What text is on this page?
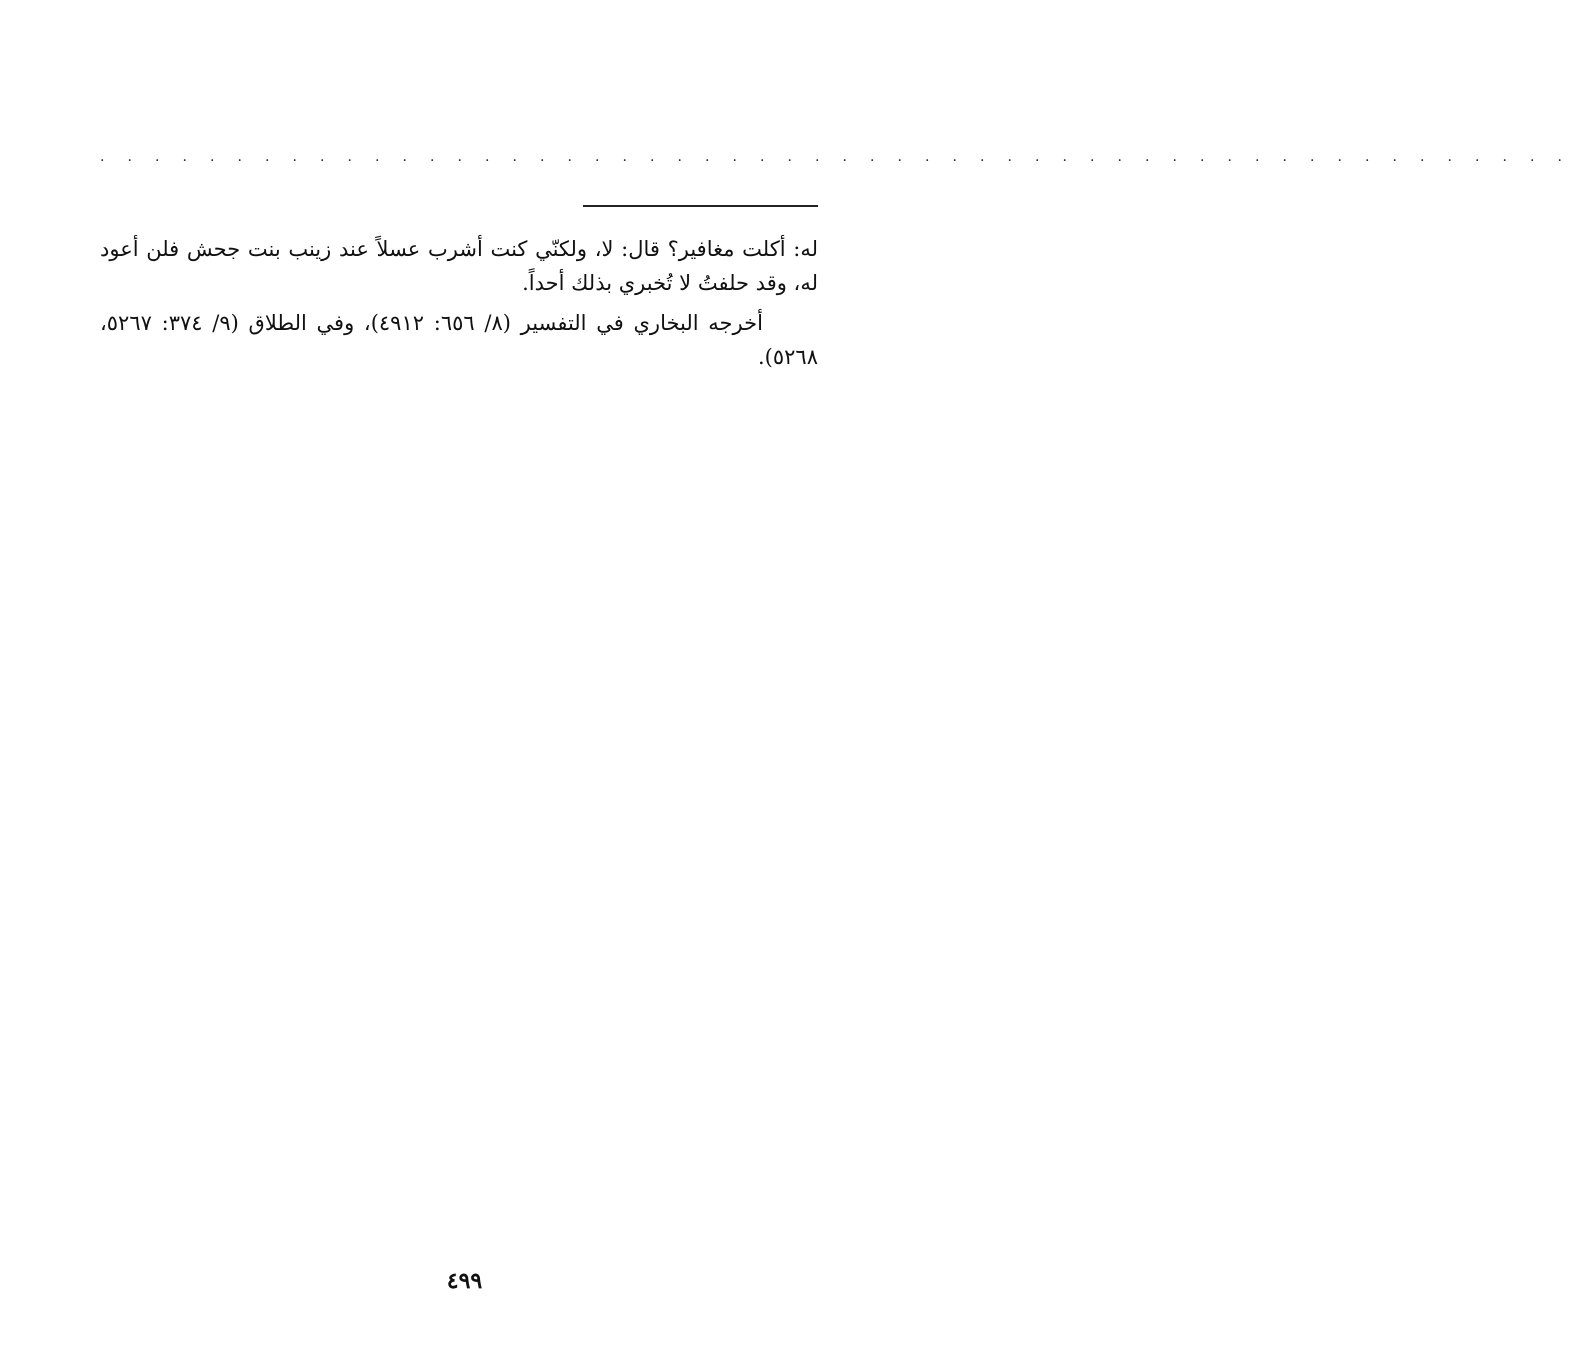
. . . . . . . . . . . . . . . . . . . . . . . . . . . . . . . . . . . . . . . . . . . . . . . . . . . . . .

له: أكلت مغافير؟ قال: لا، ولكنّي كنت أشرب عسلاً عند زينب بنت جحش فلن أعود له، وقد حلفتُ لا تُخبري بذلك أحداً.

أخرجه البخاري في التفسير (٨/ ٦٥٦: ٤٩١٢)، وفي الطلاق (٩/ ٣٧٤: ٥٢٦٧، ٥٢٦٨).

٤٩٩
